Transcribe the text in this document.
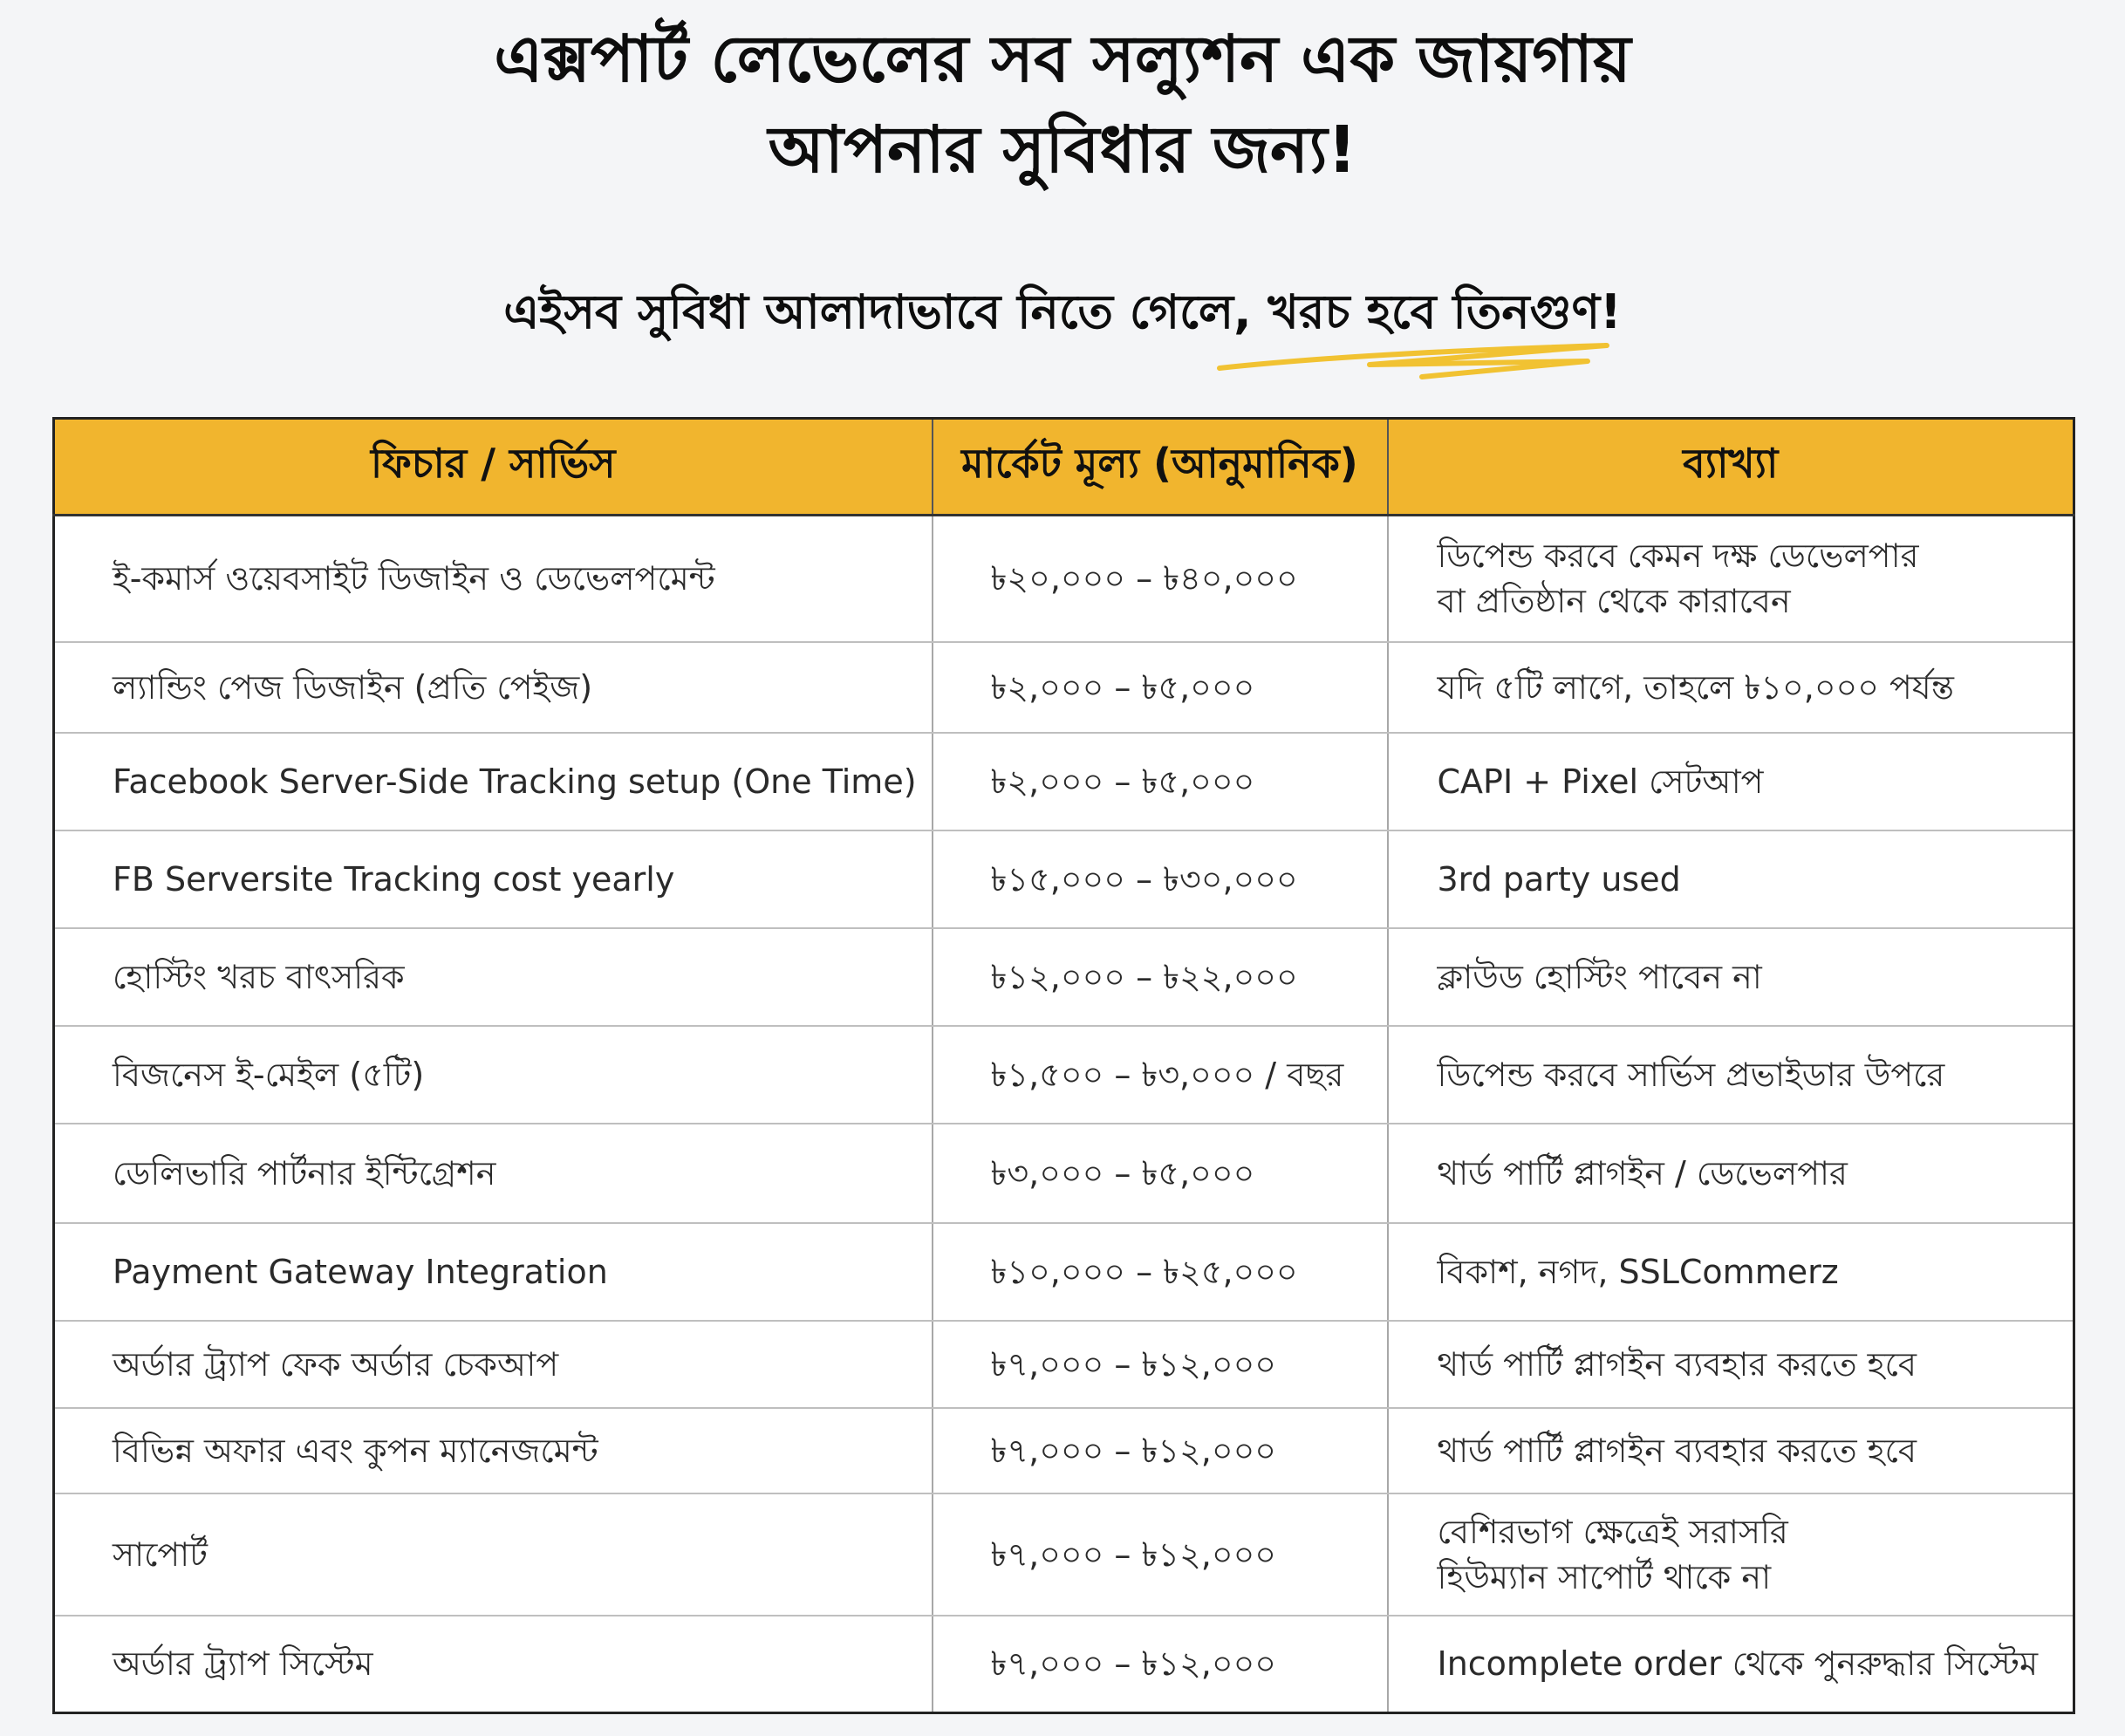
এক্সপার্ট লেভেলের সব সল্যুশন এক জায়গায়
আপনার সুবিধার জন্য!
এইসব সুবিধা আলাদাভাবে নিতে গেলে, খরচ হবে তিনগুণ!
ফিচার / সার্ভিস	মার্কেট মূল্য (আনুমানিক)	ব্যাখ্যা
ই-কমার্স ওয়েবসাইট ডিজাইন ও ডেভেলপমেন্ট	৳২০,০০০ – ৳৪০,০০০	ডিপেন্ড করবে কেমন দক্ষ ডেভেলপার
বা প্রতিষ্ঠান থেকে কারাবেন

ল্যান্ডিং পেজ ডিজাইন (প্রতি পেইজ)	৳২,০০০ – ৳৫,০০০	যদি ৫টি লাগে, তাহলে ৳১০,০০০ পর্যন্ত

Facebook Server-Side Tracking setup (One Time)	৳২,০০০ – ৳৫,০০০	CAPI + Pixel সেটআপ

FB Serversite Tracking cost yearly	৳১৫,০০০ – ৳৩০,০০০	3rd party used

হোস্টিং খরচ বাৎসরিক	৳১২,০০০ – ৳২২,০০০	ক্লাউড হোস্টিং পাবেন না

বিজনেস ই-মেইল (৫টি)	৳১,৫০০ – ৳৩,০০০ / বছর	ডিপেন্ড করবে সার্ভিস প্রভাইডার উপরে

ডেলিভারি পার্টনার ইন্টিগ্রেশন	৳৩,০০০ – ৳৫,০০০	থার্ড পার্টি প্লাগইন / ডেভেলপার

Payment Gateway Integration	৳১০,০০০ – ৳২৫,০০০	বিকাশ, নগদ, SSLCommerz

অর্ডার ট্র্যাপ ফেক অর্ডার চেকআপ	৳৭,০০০ – ৳১২,০০০	থার্ড পার্টি প্লাগইন ব্যবহার করতে হবে

বিভিন্ন অফার এবং কুপন ম্যানেজমেন্ট	৳৭,০০০ – ৳১২,০০০	থার্ড পার্টি প্লাগইন ব্যবহার করতে হবে

সাপোর্ট	৳৭,০০০ – ৳১২,০০০	বেশিরভাগ ক্ষেত্রেই সরাসরি
হিউম্যান সাপোর্ট থাকে না

অর্ডার ট্র্যাপ সিস্টেম	৳৭,০০০ – ৳১২,০০০	Incomplete order থেকে পুনরুদ্ধার সিস্টেম
